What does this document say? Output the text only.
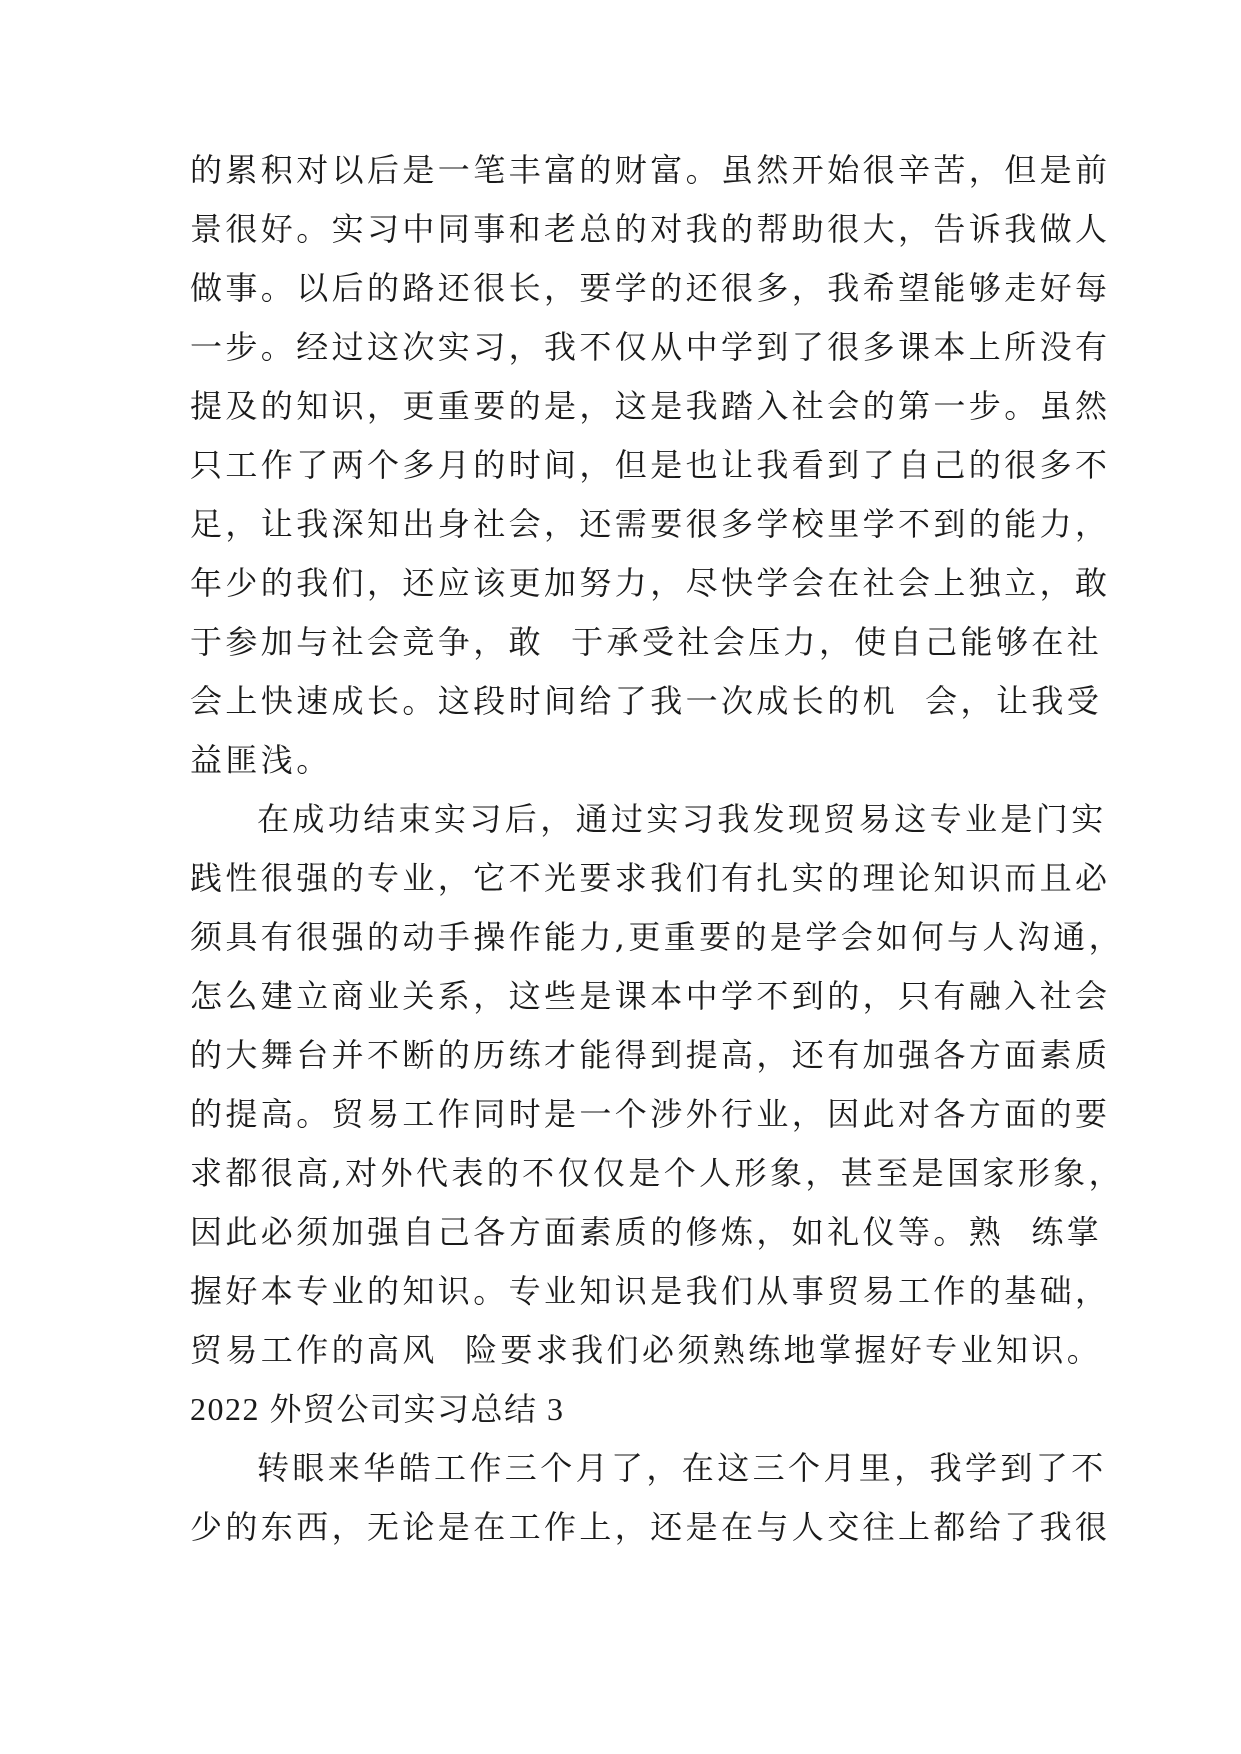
的累积对以后是一笔丰富的财富。虽然开始很辛苦，但是前
景很好。实习中同事和老总的对我的帮助很大，告诉我做人
做事。以后的路还很长，要学的还很多，我希望能够走好每
一步。经过这次实习，我不仅从中学到了很多课本上所没有
提及的知识，更重要的是，这是我踏入社会的第一步。虽然
只工作了两个多月的时间，但是也让我看到了自己的很多不
足，让我深知出身社会，还需要很多学校里学不到的能力，
年少的我们，还应该更加努力，尽快学会在社会上独立，敢
于参加与社会竞争，敢  于承受社会压力，使自己能够在社
会上快速成长。这段时间给了我一次成长的机  会，让我受
益匪浅。
在成功结束实习后，通过实习我发现贸易这专业是门实
践性很强的专业，它不光要求我们有扎实的理论知识而且必
须具有很强的动手操作能力,更重要的是学会如何与人沟通，
怎么建立商业关系，这些是课本中学不到的，只有融入社会
的大舞台并不断的历练才能得到提高，还有加强各方面素质
的提高。贸易工作同时是一个涉外行业，因此对各方面的要
求都很高,对外代表的不仅仅是个人形象，甚至是国家形象，
因此必须加强自己各方面素质的修炼，如礼仪等。熟  练掌
握好本专业的知识。专业知识是我们从事贸易工作的基础，
贸易工作的高风  险要求我们必须熟练地掌握好专业知识。
2022 外贸公司实习总结 3
转眼来华皓工作三个月了，在这三个月里，我学到了不
少的东西，无论是在工作上，还是在与人交往上都给了我很
